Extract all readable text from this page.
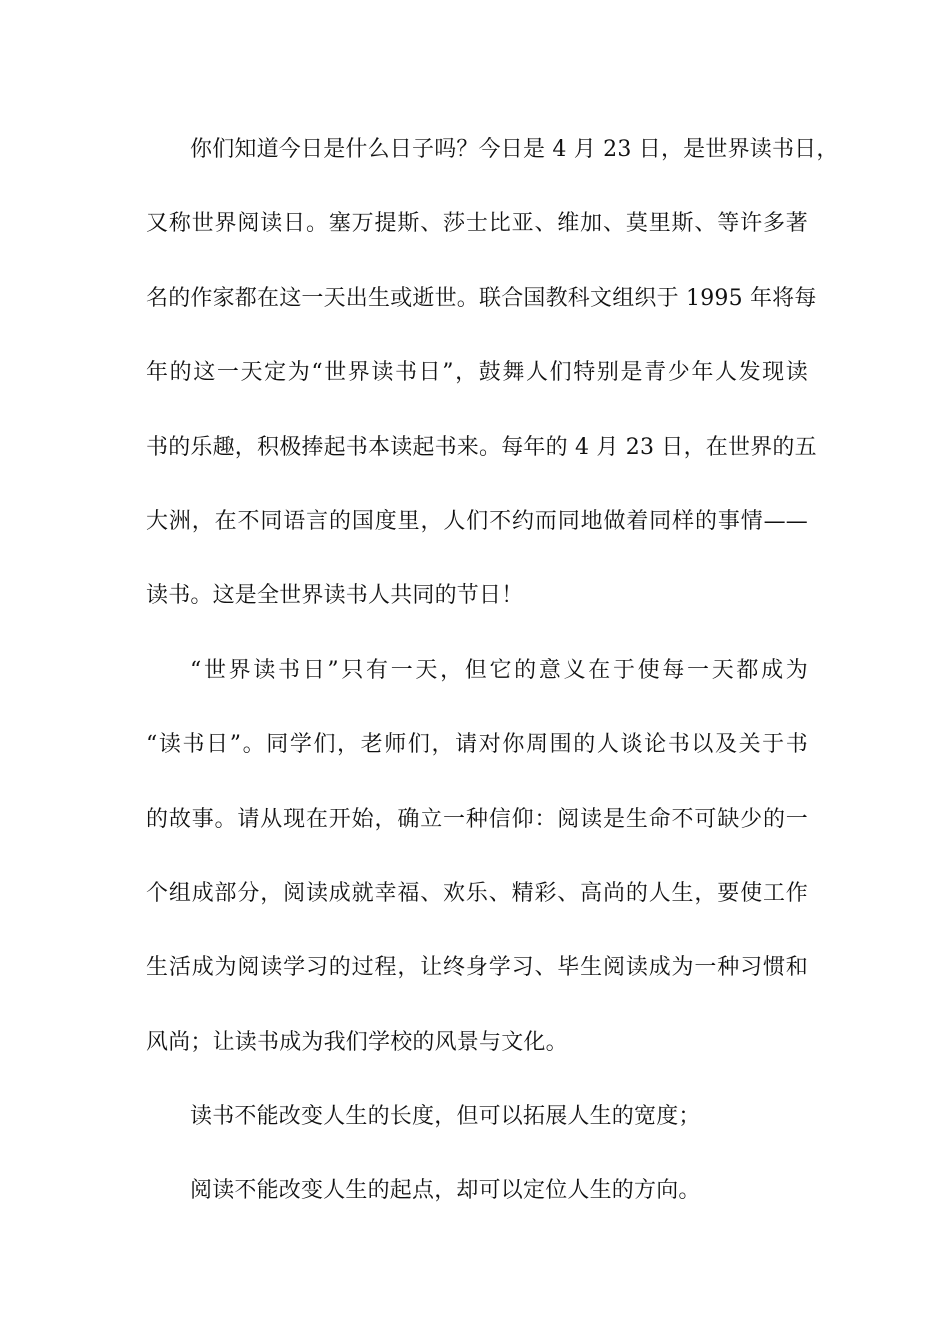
你们知道今日是什么日子吗？今日是 4 月 23 日，是世界读书日，
又称世界阅读日。塞万提斯、莎士比亚、维加、莫里斯、等许多著
名的作家都在这一天出生或逝世。联合国教科文组织于 1995 年将每
年的这一天定为“世界读书日”，鼓舞人们特别是青少年人发现读
书的乐趣，积极捧起书本读起书来。每年的 4 月 23 日，在世界的五
大洲，在不同语言的国度里，人们不约而同地做着同样的事情——
读书。这是全世界读书人共同的节日！
“世界读书日”只有一天，但它的意义在于使每一天都成为
“读书日”。同学们，老师们，请对你周围的人谈论书以及关于书
的故事。请从现在开始，确立一种信仰：阅读是生命不可缺少的一
个组成部分，阅读成就幸福、欢乐、精彩、高尚的人生，要使工作
生活成为阅读学习的过程，让终身学习、毕生阅读成为一种习惯和
风尚；让读书成为我们学校的风景与文化。
读书不能改变人生的长度，但可以拓展人生的宽度；
阅读不能改变人生的起点，却可以定位人生的方向。
